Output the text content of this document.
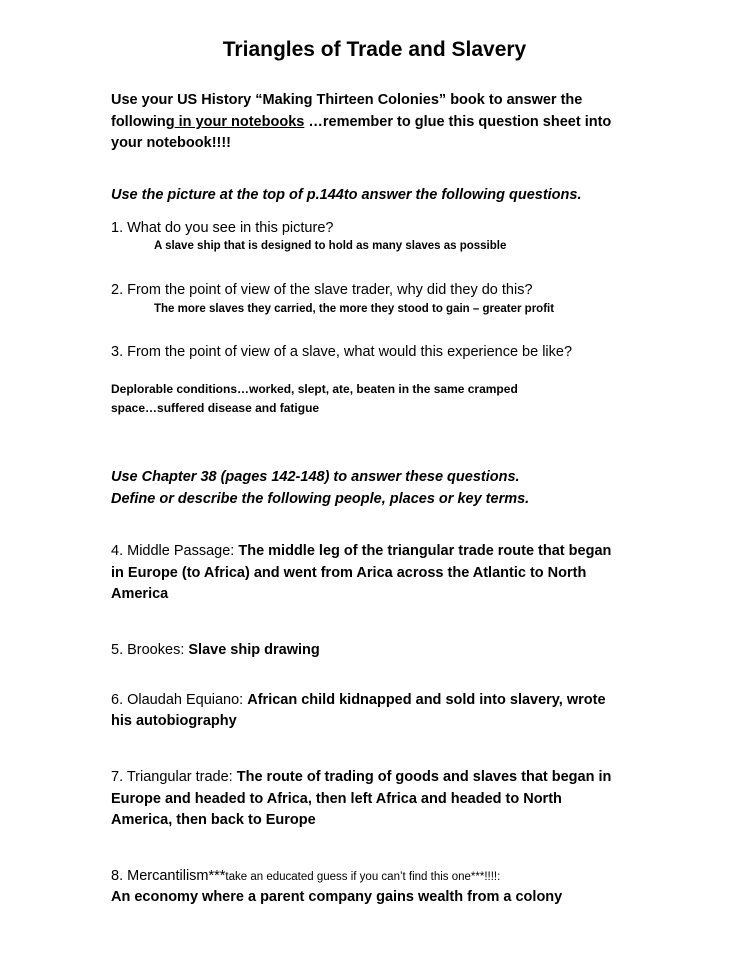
Triangles of Trade and Slavery
Use your US History “Making Thirteen Colonies” book to answer the
following in your notebooks …remember to glue this question sheet into
your notebook!!!!
Use the picture at the top of p.144to answer the following questions.
1. What do you see in this picture?
A slave ship that is designed to hold as many slaves as possible
2. From the point of view of the slave trader, why did they do this?
The more slaves they carried, the more they stood to gain – greater profit
3. From the point of view of a slave, what would this experience be like?
Deplorable conditions…worked, slept, ate, beaten in the same cramped
space…suffered disease and fatigue
Use Chapter 38 (pages 142-148) to answer these questions.
Define or describe the following people, places or key terms.
4. Middle Passage: The middle leg of the triangular trade route that began
in Europe (to Africa) and went from Arica across the Atlantic to North
America
5. Brookes: Slave ship drawing
6. Olaudah Equiano: African child kidnapped and sold into slavery, wrote
his autobiography
7. Triangular trade: The route of trading of goods and slaves that began in
Europe and headed to Africa, then left Africa and headed to North
America, then back to Europe
8. Mercantilism***take an educated guess if you can’t find this one***!!!!:
An economy where a parent company gains wealth from a colony
